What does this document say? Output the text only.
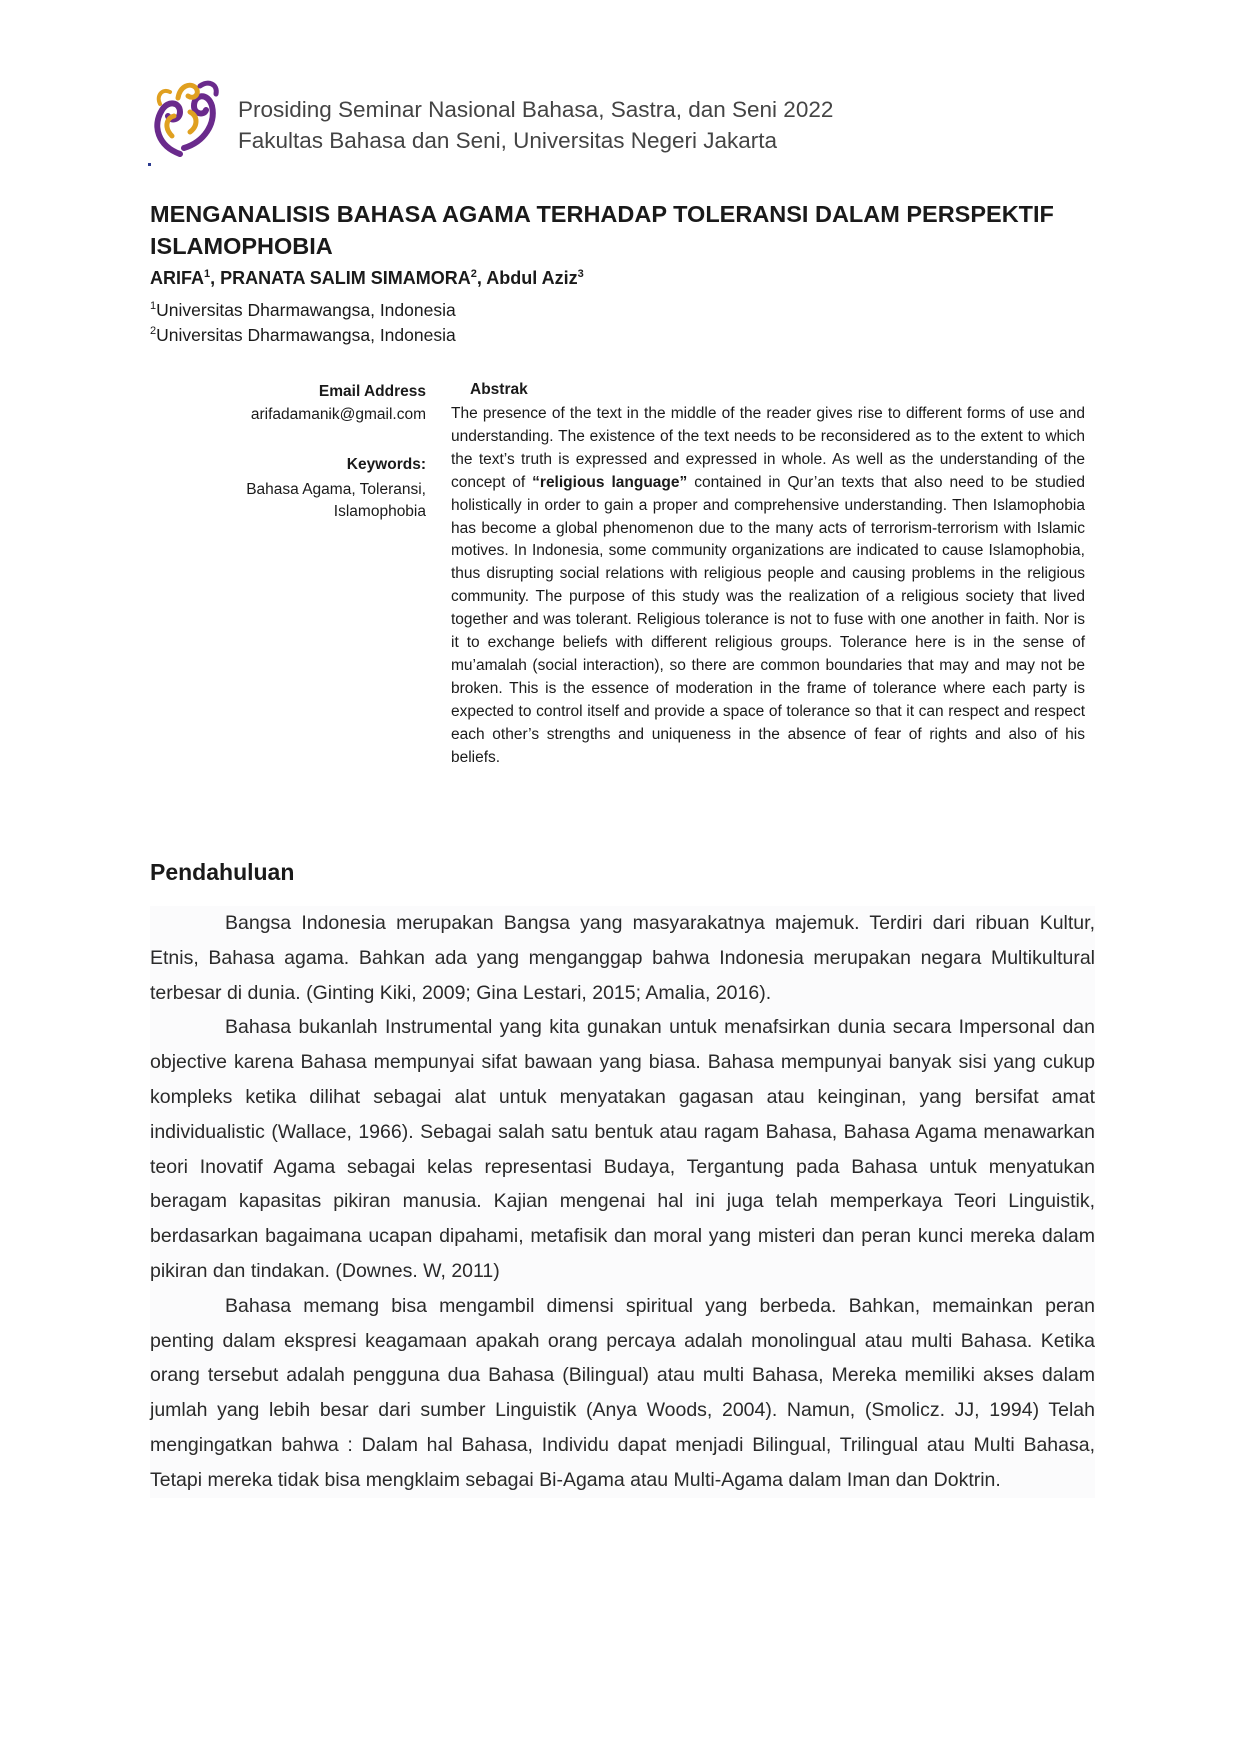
Prosiding Seminar Nasional Bahasa, Sastra, dan Seni 2022
Fakultas Bahasa dan Seni, Universitas Negeri Jakarta
MENGANALISIS BAHASA AGAMA TERHADAP TOLERANSI DALAM PERSPEKTIF ISLAMOPHOBIA
ARIFA$^1$, PRANATA SALIM SIMAMORA$^2$, Abdul Aziz$^3$
$^1$Universitas Dharmawangsa, Indonesia
$^2$Universitas Dharmawangsa, Indonesia
Email Address
arifadamanik@gmail.com
Keywords:
Bahasa Agama, Toleransi, Islamophobia
Abstrak

The presence of the text in the middle of the reader gives rise to different forms of use and understanding. The existence of the text needs to be reconsidered as to the extent to which the text’s truth is expressed and expressed in whole. As well as the understanding of the concept of “religious language” contained in Qur’an texts that also need to be studied holistically in order to gain a proper and comprehensive understanding. Then Islamophobia has become a global phenomenon due to the many acts of terrorism-terrorism with Islamic motives. In Indonesia, some community organizations are indicated to cause Islamophobia, thus disrupting social relations with religious people and causing problems in the religious community. The purpose of this study was the realization of a religious society that lived together and was tolerant. Religious tolerance is not to fuse with one another in faith. Nor is it to exchange beliefs with different religious groups. Tolerance here is in the sense of mu’amalah (social interaction), so there are common boundaries that may and may not be broken. This is the essence of moderation in the frame of tolerance where each party is expected to control itself and provide a space of tolerance so that it can respect and respect each other’s strengths and uniqueness in the absence of fear of rights and also of his beliefs.

Pendahuluan

Bangsa Indonesia merupakan Bangsa yang masyarakatnya majemuk. Terdiri dari ribuan Kultur, Etnis, Bahasa agama. Bahkan ada yang menganggap bahwa Indonesia merupakan negara Multikultural terbesar di dunia. (Ginting Kiki, 2009; Gina Lestari, 2015; Amalia, 2016).

Bahasa bukanlah Instrumental yang kita gunakan untuk menafsirkan dunia secara Impersonal dan objective karena Bahasa mempunyai sifat bawaan yang biasa. Bahasa mempunyai banyak sisi yang cukup kompleks ketika dilihat sebagai alat untuk menyatakan gagasan atau keinginan, yang bersifat amat individualistic (Wallace, 1966). Sebagai salah satu bentuk atau ragam Bahasa, Bahasa Agama menawarkan teori Inovatif Agama sebagai kelas representasi Budaya, Tergantung pada Bahasa untuk menyatukan beragam kapasitas pikiran manusia. Kajian mengenai hal ini juga telah memperkaya Teori Linguistik, berdasarkan bagaimana ucapan dipahami, metafisik dan moral yang misteri dan peran kunci mereka dalam pikiran dan tindakan. (Downes. W, 2011)

Bahasa memang bisa mengambil dimensi spiritual yang berbeda. Bahkan, memainkan peran penting dalam ekspresi keagamaan apakah orang percaya adalah monolingual atau multi Bahasa. Ketika orang tersebut adalah pengguna dua Bahasa (Bilingual) atau multi Bahasa, Mereka memiliki akses dalam jumlah yang lebih besar dari sumber Linguistik (Anya Woods, 2004). Namun, (Smolicz. JJ, 1994) Telah mengingatkan bahwa : Dalam hal Bahasa, Individu dapat menjadi Bilingual, Trilingual atau Multi Bahasa, Tetapi mereka tidak bisa mengklaim sebagai Bi-Agama atau Multi-Agama dalam Iman dan Doktrin.
